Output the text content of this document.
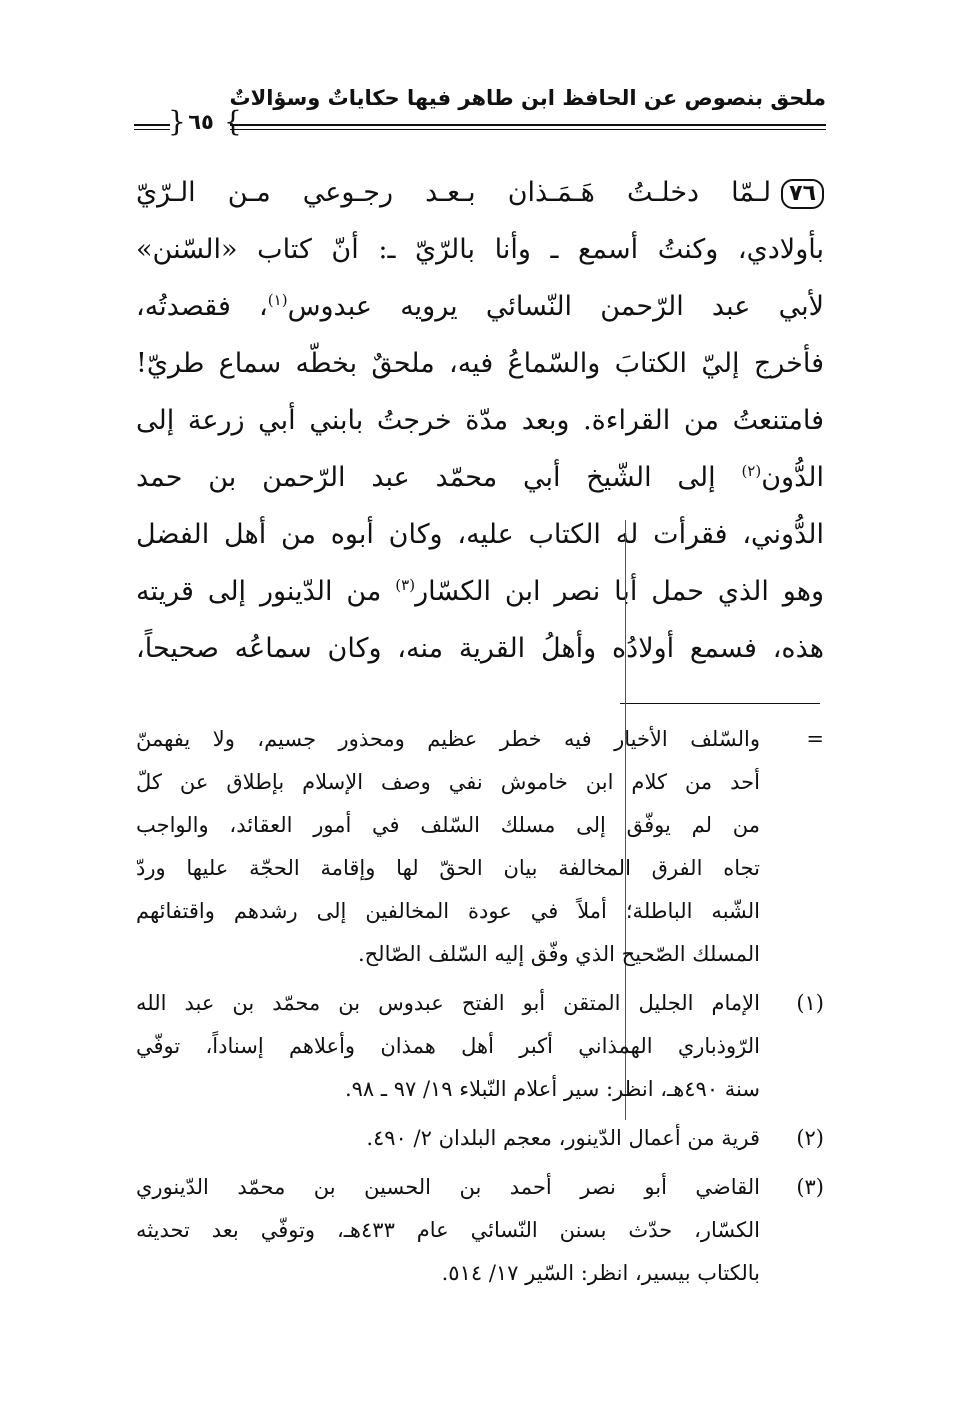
ملحق بنصوص عن الحافظ ابن طاهر فيها حكاياتٌ وسؤالاتٌ
{ ٦٥ }
٧٦لـمّا دخلـتُ هَـمَـذان بـعـد رجـوعي مـن الـرّيّ
بأولادي، وكنتُ أسمع ـ وأنا بالرّيّ ـ: أنّ كتاب «السّنن»
لأبي عبد الرّحمن النّسائي يرويه عبدوس$^{(١)}$، فقصدتُه،
فأخرج إليّ الكتابَ والسّماعُ فيه، ملحقٌ بخطّه سماع طريّ!
فامتنعتُ من القراءة. وبعد مدّة خرجتُ بابني أبي زرعة إلى
الدُّون$^{(٢)}$ إلى الشّيخ أبي محمّد عبد الرّحمن بن حمد
الدُّوني، فقرأت له الكتاب عليه، وكان أبوه من أهل الفضل
وهو الذي حمل أبا نصر ابن الكسّار$^{(٣)}$ من الدّينور إلى قريته
هذه، فسمع أولادُه وأهلُ القرية منه، وكان سماعُه صحيحاً،
=
والسّلف الأخيار فيه خطر عظيم ومحذور جسيم، ولا يفهمنّ
أحد من كلام ابن خاموش نفي وصف الإسلام بإطلاق عن كلّ
من لم يوفّق إلى مسلك السّلف في أمور العقائد، والواجب
تجاه الفرق المخالفة بيان الحقّ لها وإقامة الحجّة عليها وردّ
الشّبه الباطلة؛ أملاً في عودة المخالفين إلى رشدهم واقتفائهم
المسلك الصّحيح الذي وفّق إليه السّلف الصّالح.
(١)
الإمام الجليل المتقن أبو الفتح عبدوس بن محمّد بن عبد الله
الرّوذباري الهمذاني أكبر أهل همذان وأعلاهم إسناداً، توفّي
سنة ٤٩٠هـ، انظر: سير أعلام النّبلاء ١٩/ ٩٧ ـ ٩٨.
(٢)
قرية من أعمال الدّينور، معجم البلدان ٢/ ٤٩٠.
(٣)
القاضي أبو نصر أحمد بن الحسين بن محمّد الدّينوري
الكسّار، حدّث بسنن النّسائي عام ٤٣٣هـ، وتوفّي بعد تحديثه
بالكتاب بيسير، انظر: السّير ١٧/ ٥١٤.
